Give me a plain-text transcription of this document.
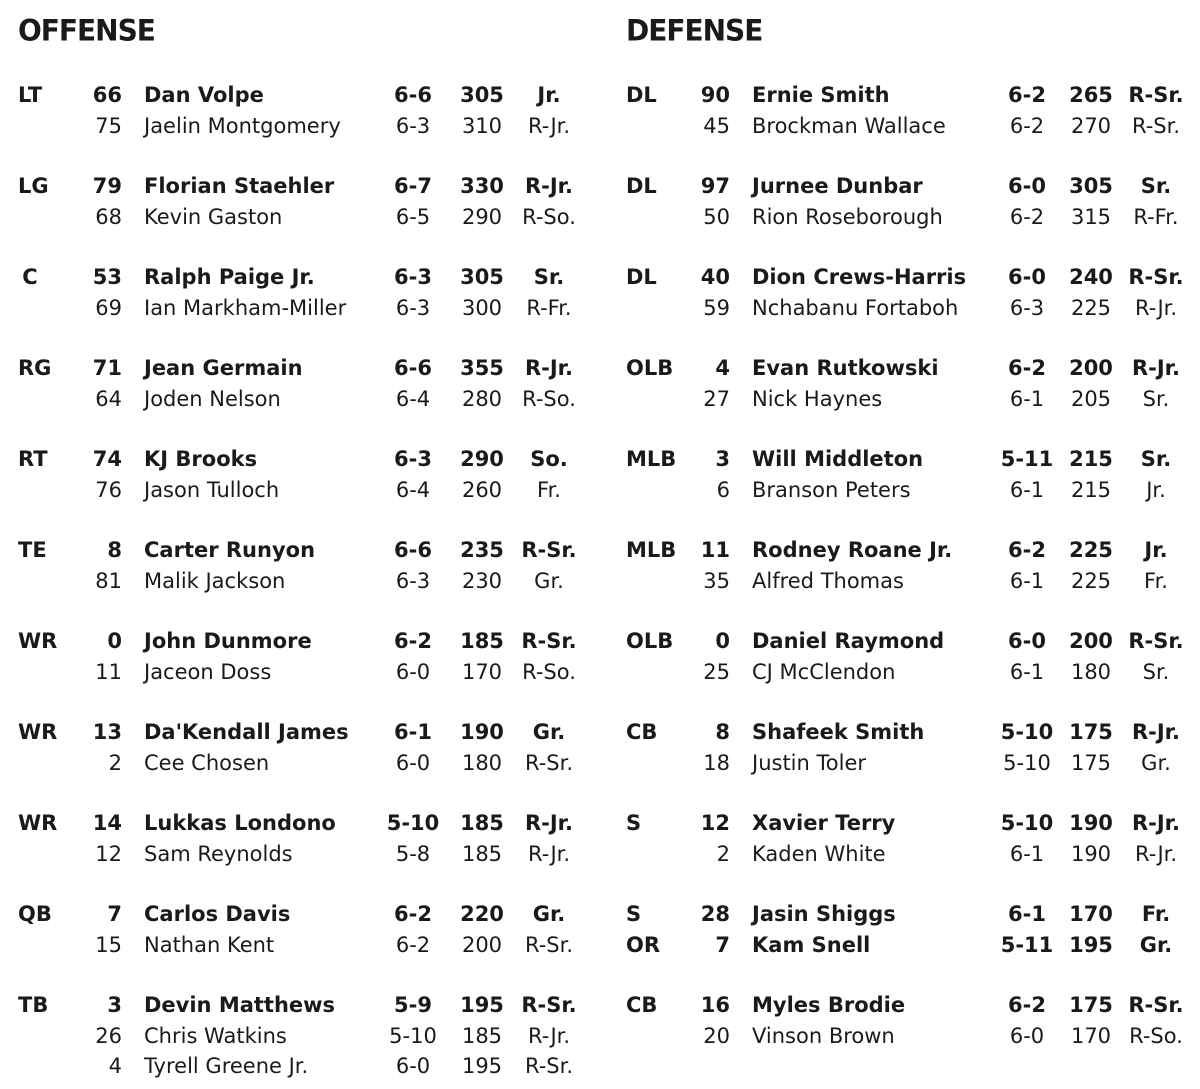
OFFENSE
LT	66 Dan Volpe	6-6	305	Jr.
75 Jaelin Montgomery	6-3	310	R-Jr.
LG	79 Florian Staehler	6-7	330	R-Jr.
68 Kevin Gaston	6-5	290 R-So.
C	53 Ralph Paige Jr.	6-3	305	Sr.
69 Ian Markham-Miller	6-3	300	R-Fr.
RG	71 Jean Germain	6-6	355	R-Jr.
64 Joden Nelson	6-4	280 R-So.
RT	74 KJ Brooks	6-3	290	So.
76 Jason Tulloch	6-4	260	Fr.
TE	8 Carter Runyon	6-6	235 R-Sr.
81 Malik Jackson	6-3	230	Gr.
WR	0 John Dunmore	6-2	185 R-Sr.
11 Jaceon Doss	6-0	170 R-So.
WR	13 Da'Kendall James	6-1	190	Gr.
2 Cee Chosen	6-0	180	R-Sr.
WR	14 Lukkas Londono	5-10 185	R-Jr.
12 Sam Reynolds	5-8	185	R-Jr.
QB	7 Carlos Davis	6-2	220	Gr.
15 Nathan Kent	6-2	200	R-Sr.
TB	3 Devin Matthews	5-9	195 R-Sr.
26 Chris Watkins	5-10	185	R-Jr.
4 Tyrell Greene Jr.	6-0	195	R-Sr.
DEFENSE
DL	90 Ernie Smith	6-2	265 R-Sr.
45 Brockman Wallace	6-2	270 R-Sr.
DL	97 Jurnee Dunbar	6-0	305	Sr.
50 Rion Roseborough	6-2	315	R-Fr.
DL	40 Dion Crews-Harris	6-0	240 R-Sr.
59 Nchabanu Fortaboh	6-3	225	R-Jr.
OLB	4 Evan Rutkowski	6-2	200 R-Jr.
27 Nick Haynes	6-1	205	Sr.
MLB	3 Will Middleton	5-11 215	Sr.
6 Branson Peters	6-1	215	Jr.
MLB	11 Rodney Roane Jr.	6-2	225	Jr.
35 Alfred Thomas	6-1	225	Fr.
OLB	0 Daniel Raymond	6-0	200 R-Sr.
25 CJ McClendon	6-1	180	Sr.
CB	8 Shafeek Smith	5-10 175 R-Jr.
18 Justin Toler	5-10 175	Gr.
S	12 Xavier Terry	5-10 190 R-Jr.
2 Kaden White	6-1	190	R-Jr.
S	28 Jasin Shiggs	6-1	170	Fr.
OR	7 Kam Snell	5-11 195	Gr.
CB	16 Myles Brodie	6-2	175 R-Sr.
20 Vinson Brown	6-0	170 R-So.
